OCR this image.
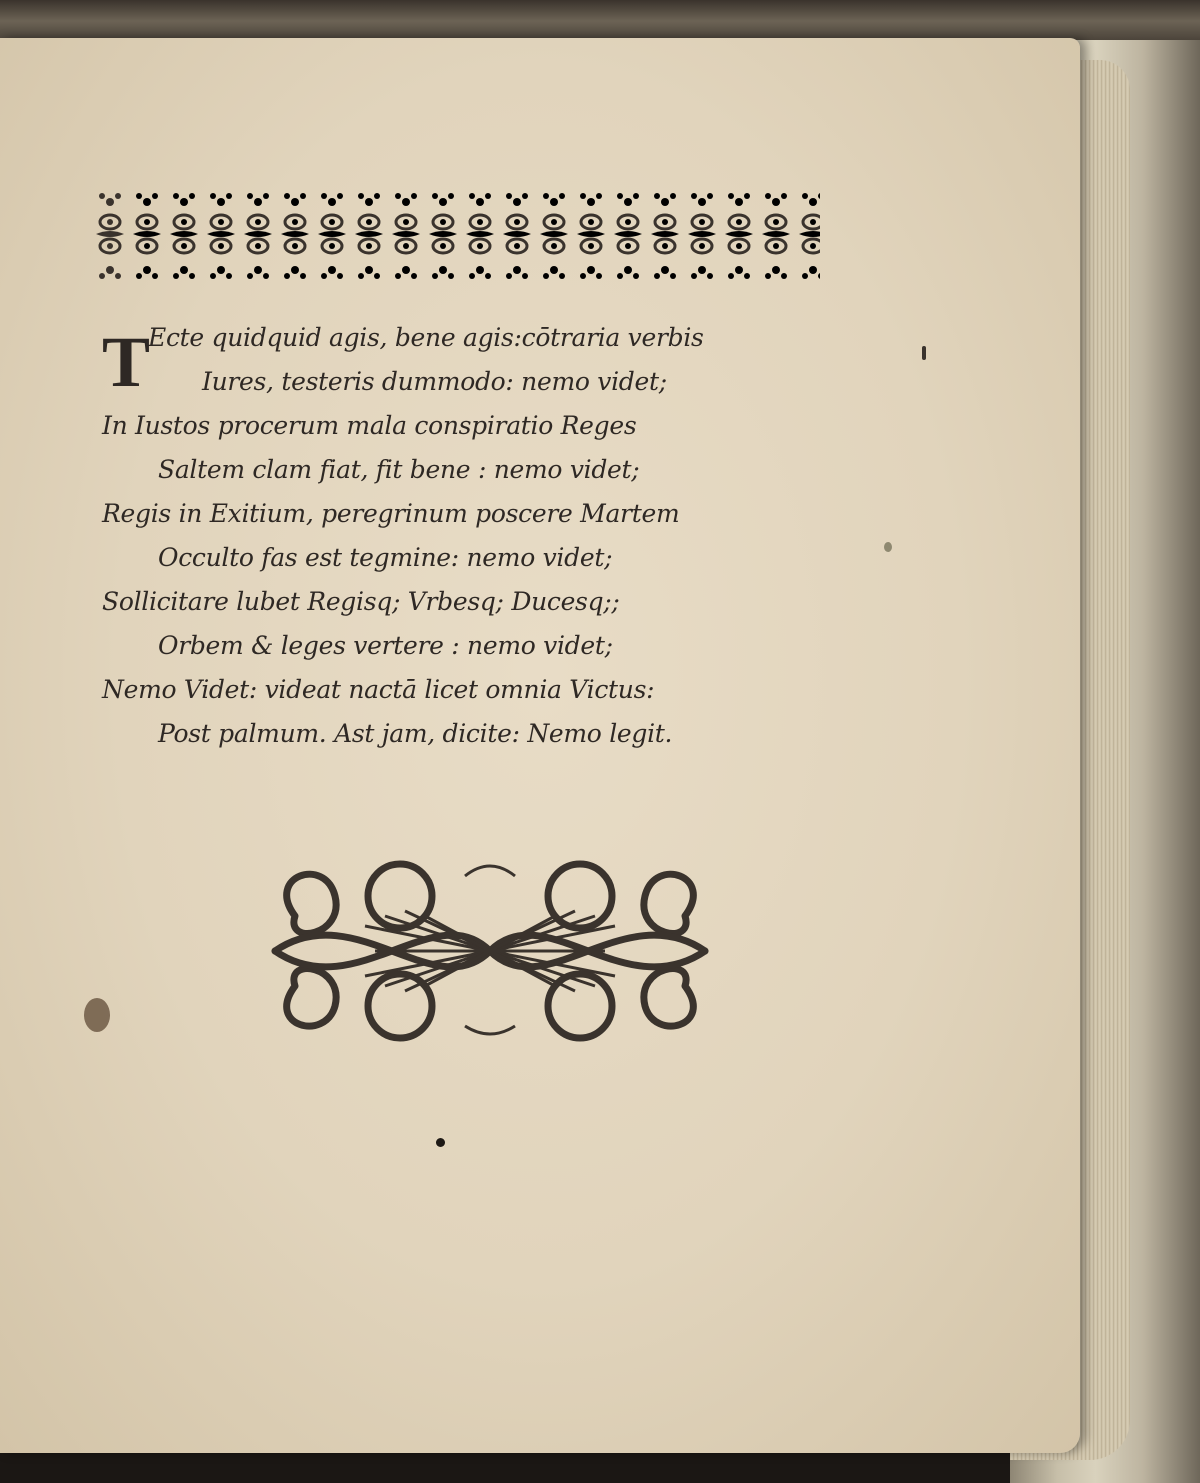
T
Ecte quidquid agis, bene agis:cōtraria verbis
Iures, testeris dummodo: nemo videt;
In Iustos procerum mala conspiratio Reges
Saltem clam fiat, fit bene : nemo videt;
Regis in Exitium, peregrinum poscere Martem
Occulto fas est tegmine: nemo videt;
Sollicitare lubet Regisq; Vrbesq; Ducesq;;
Orbem & leges vertere : nemo videt;
Nemo Videt: videat nactā licet omnia Victus:
Post palmum. Ast jam, dicite: Nemo legit.
